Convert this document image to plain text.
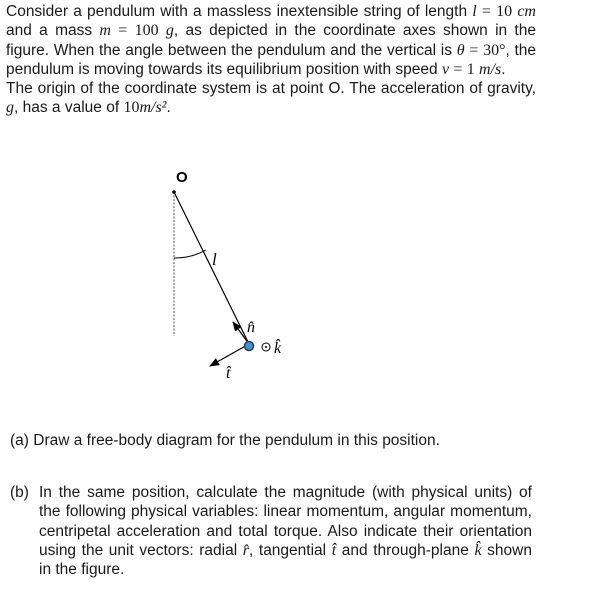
Consider a pendulum with a massless inextensible string of length l = 10 cm and a mass m = 100 g, as depicted in the coordinate axes shown in the figure. When the angle between the pendulum and the vertical is θ = 30°, the pendulum is moving towards its equilibrium position with speed v = 1 m/s.

The origin of the coordinate system is at point O. The acceleration of gravity, g, has a value of 10m/s².

O
l
n̂
t̂
k̂
(a) Draw a free-body diagram for the pendulum in this position.
(b) In the same position, calculate the magnitude (with physical units) of the following physical variables: linear momentum, angular momentum, centripetal acceleration and total torque. Also indicate their orientation using the unit vectors: radial r̂, tangential t̂ and through-plane k̂ shown in the figure.
